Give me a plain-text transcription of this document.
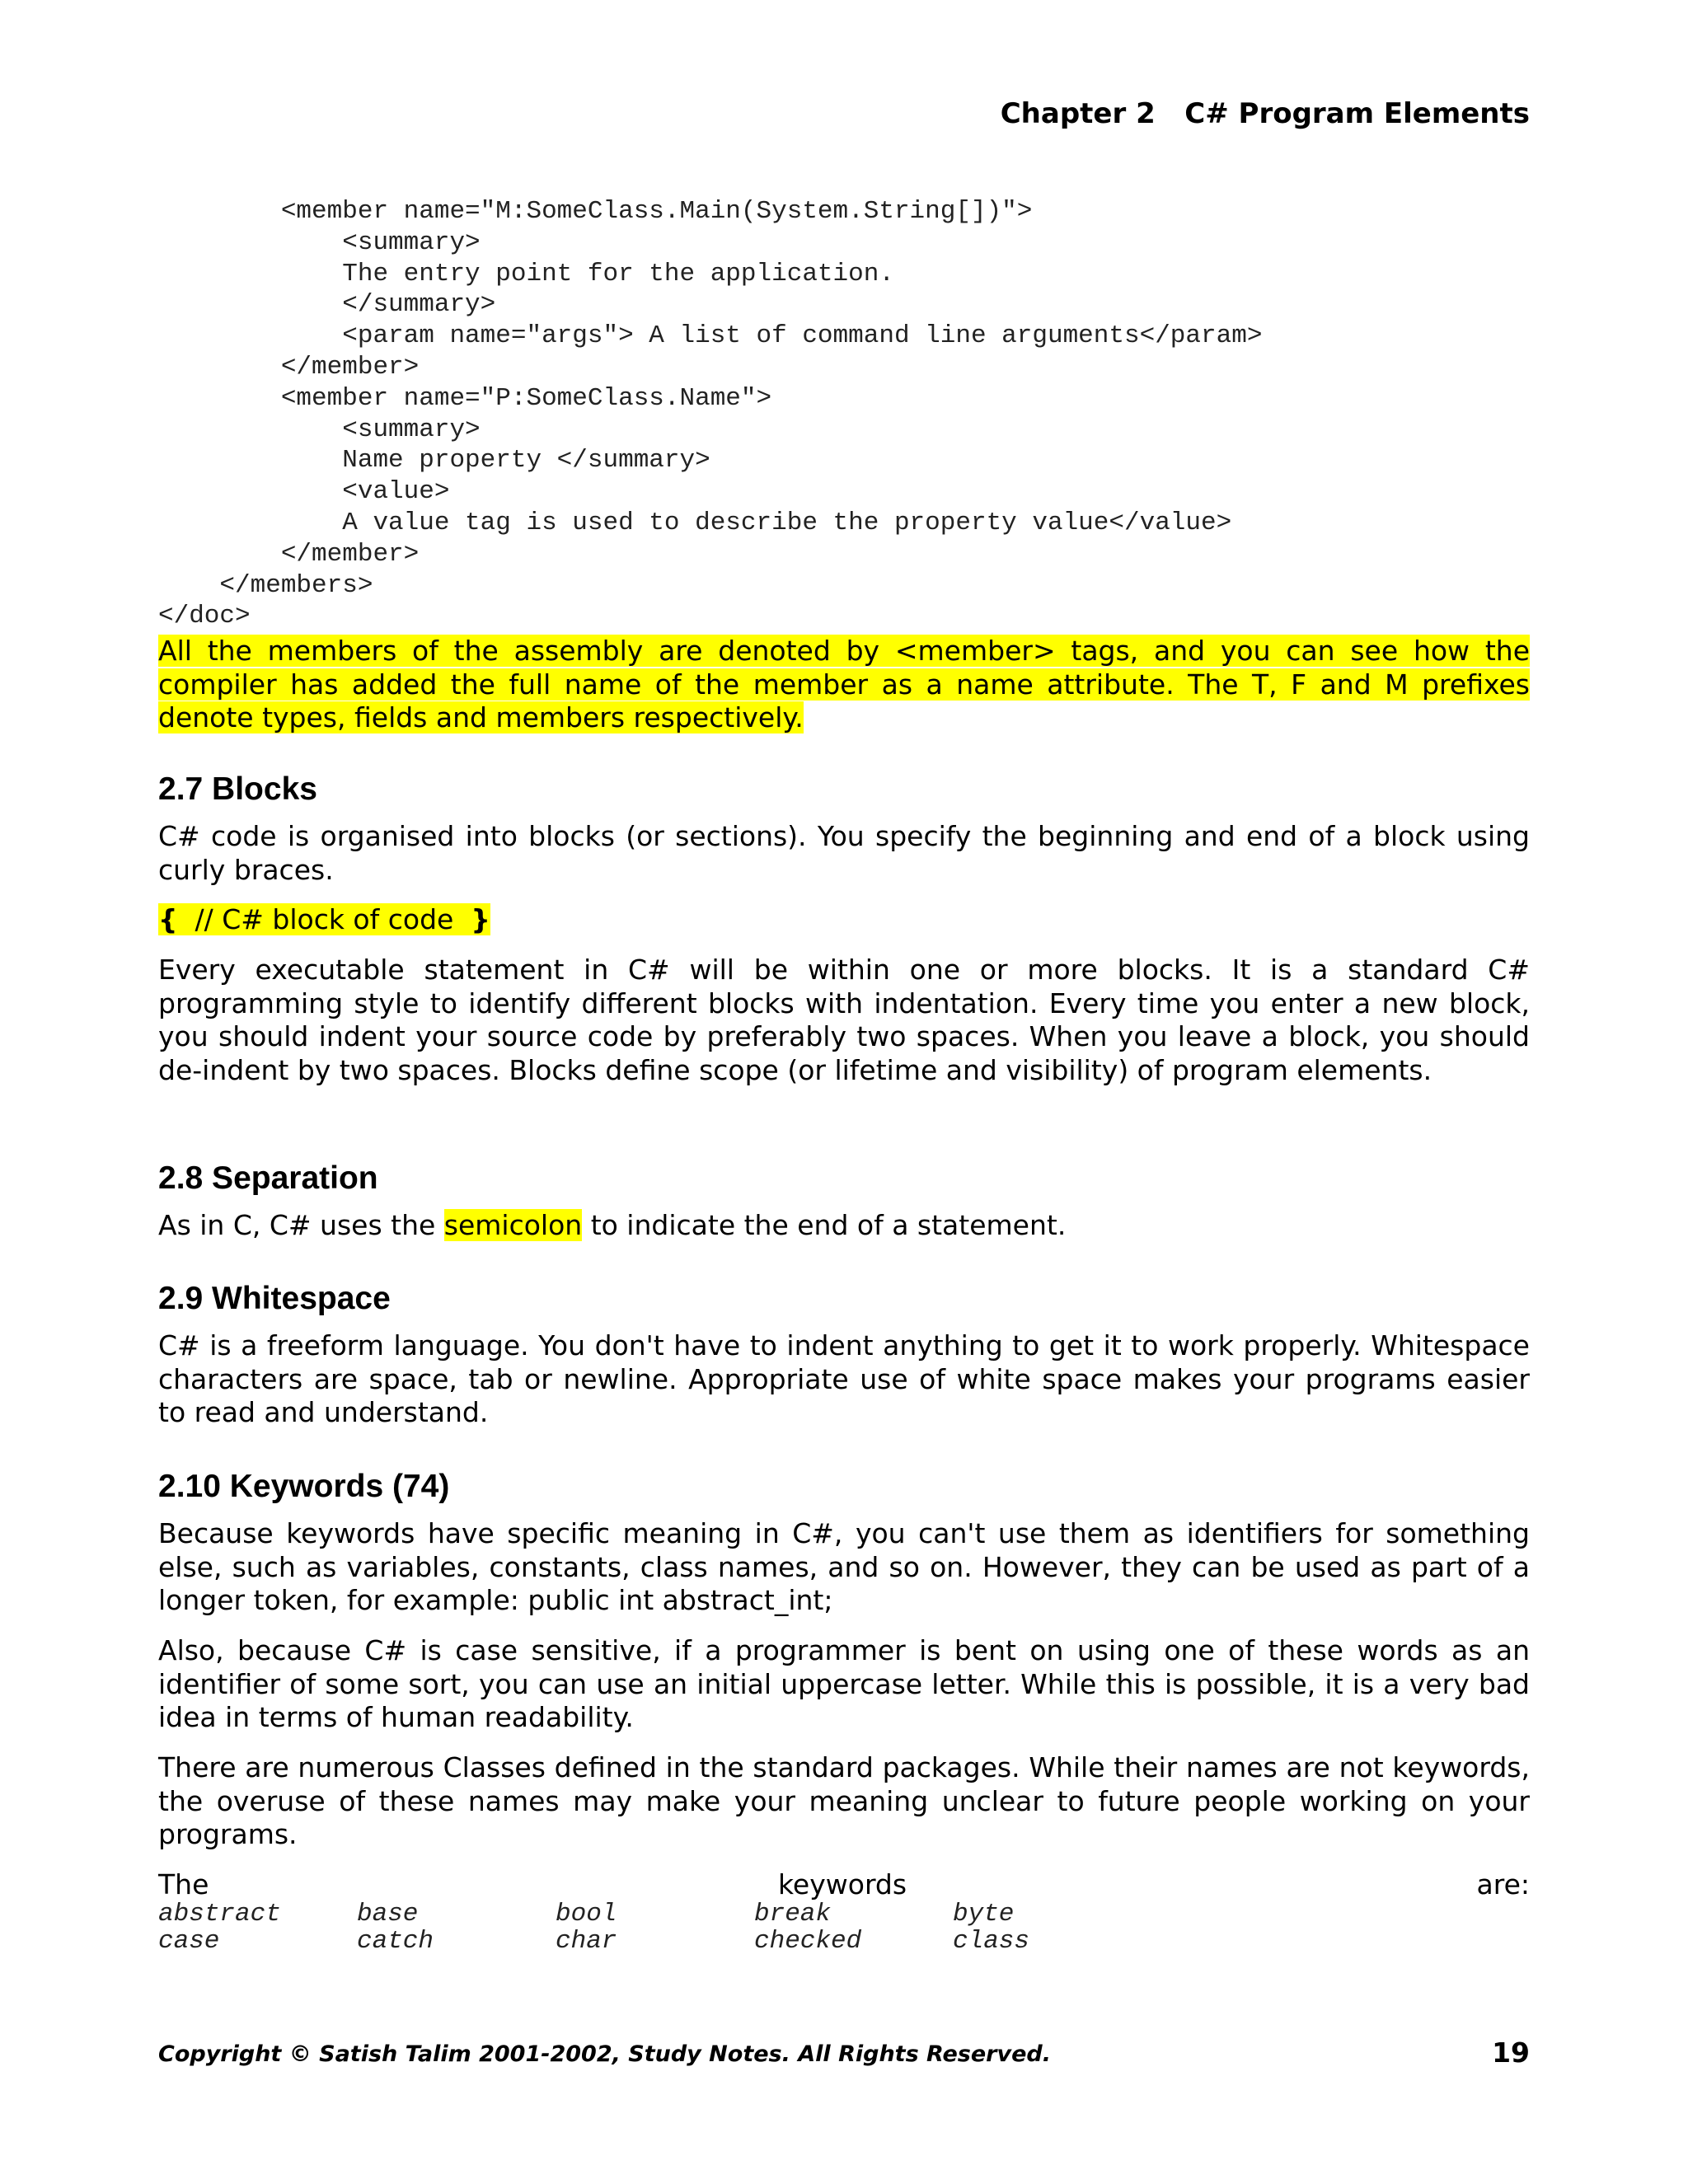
Chapter 2   C# Program Elements
<member name="M:SomeClass.Main(System.String[])">
<summary>
The entry point for the application.
</summary>
<param name="args"> A list of command line arguments</param>
</member>
<member name="P:SomeClass.Name">
<summary>
Name property </summary>
<value>
A value tag is used to describe the property value</value>
</member>
</members>
</doc>

All the members of the assembly are denoted by <member> tags, and you can see how the compiler has added the full name of the member as a name attribute. The T, F and M prefixes denote types, fields and members respectively.

2.7 Blocks

C# code is organised into blocks (or sections). You specify the beginning and end of a block using curly braces.

{  // C# block of code  }

Every executable statement in C# will be within one or more blocks. It is a standard C# programming style to identify different blocks with indentation. Every time you enter a new block, you should indent your source code by preferably two spaces. When you leave a block, you should de-indent by two spaces. Blocks define scope (or lifetime and visibility) of program elements.

2.8 Separation

As in C, C# uses the semicolon to indicate the end of a statement.

2.9 Whitespace

C# is a freeform language. You don't have to indent anything to get it to work properly. Whitespace characters are space, tab or newline. Appropriate use of white space makes your programs easier to read and understand.

2.10 Keywords (74)

Because keywords have specific meaning in C#, you can't use them as identifiers for something else, such as variables, constants, class names, and so on. However, they can be used as part of a longer token, for example: public int abstract_int;

Also, because C# is case sensitive, if a programmer is bent on using one of these words as an identifier of some sort, you can use an initial uppercase letter. While this is possible, it is a very bad idea in terms of human readability.

There are numerous Classes defined in the standard packages. While their names are not keywords, the overuse of these names may make your meaning unclear to future people working on your programs.

The	keywords	are:
abstract	base	bool	break	byte
case	catch	char	checked	class
Copyright © Satish Talim 2001-2002, Study Notes. All Rights Reserved.	19
